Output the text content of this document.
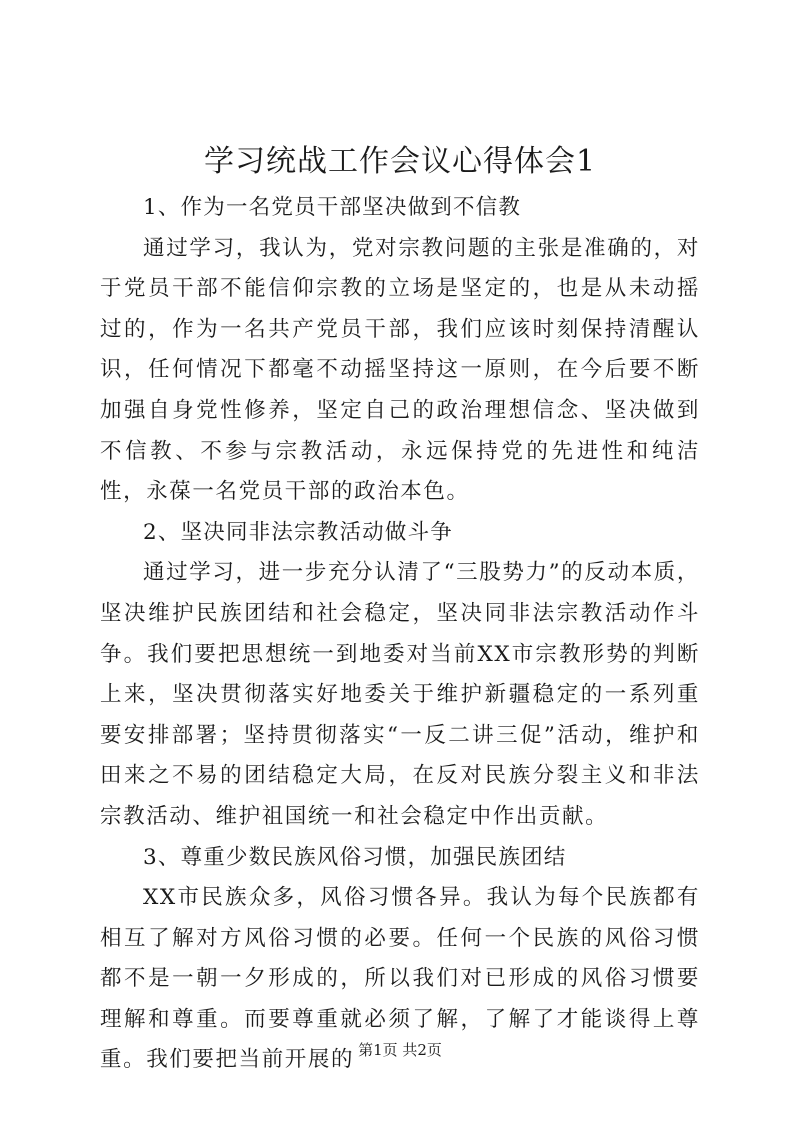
学习统战工作会议心得体会1

1、作为一名党员干部坚决做到不信教

通过学习，我认为，党对宗教问题的主张是准确的，对于党员干部不能信仰宗教的立场是坚定的，也是从未动摇过的，作为一名共产党员干部，我们应该时刻保持清醒认识，任何情况下都毫不动摇坚持这一原则，在今后要不断加强自身党性修养，坚定自己的政治理想信念、坚决做到不信教、不参与宗教活动，永远保持党的先进性和纯洁性，永葆一名党员干部的政治本色。

2、坚决同非法宗教活动做斗争

通过学习，进一步充分认清了“三股势力”的反动本质，坚决维护民族团结和社会稳定，坚决同非法宗教活动作斗争。我们要把思想统一到地委对当前XX市宗教形势的判断上来，坚决贯彻落实好地委关于维护新疆稳定的一系列重要安排部署；坚持贯彻落实“一反二讲三促”活动，维护和田来之不易的团结稳定大局，在反对民族分裂主义和非法宗教活动、维护祖国统一和社会稳定中作出贡献。

3、尊重少数民族风俗习惯，加强民族团结

XX市民族众多，风俗习惯各异。我认为每个民族都有相互了解对方风俗习惯的必要。任何一个民族的风俗习惯都不是一朝一夕形成的，所以我们对已形成的风俗习惯要理解和尊重。而要尊重就必须了解，了解了才能谈得上尊重。我们要把当前开展的 第1页 共2页
